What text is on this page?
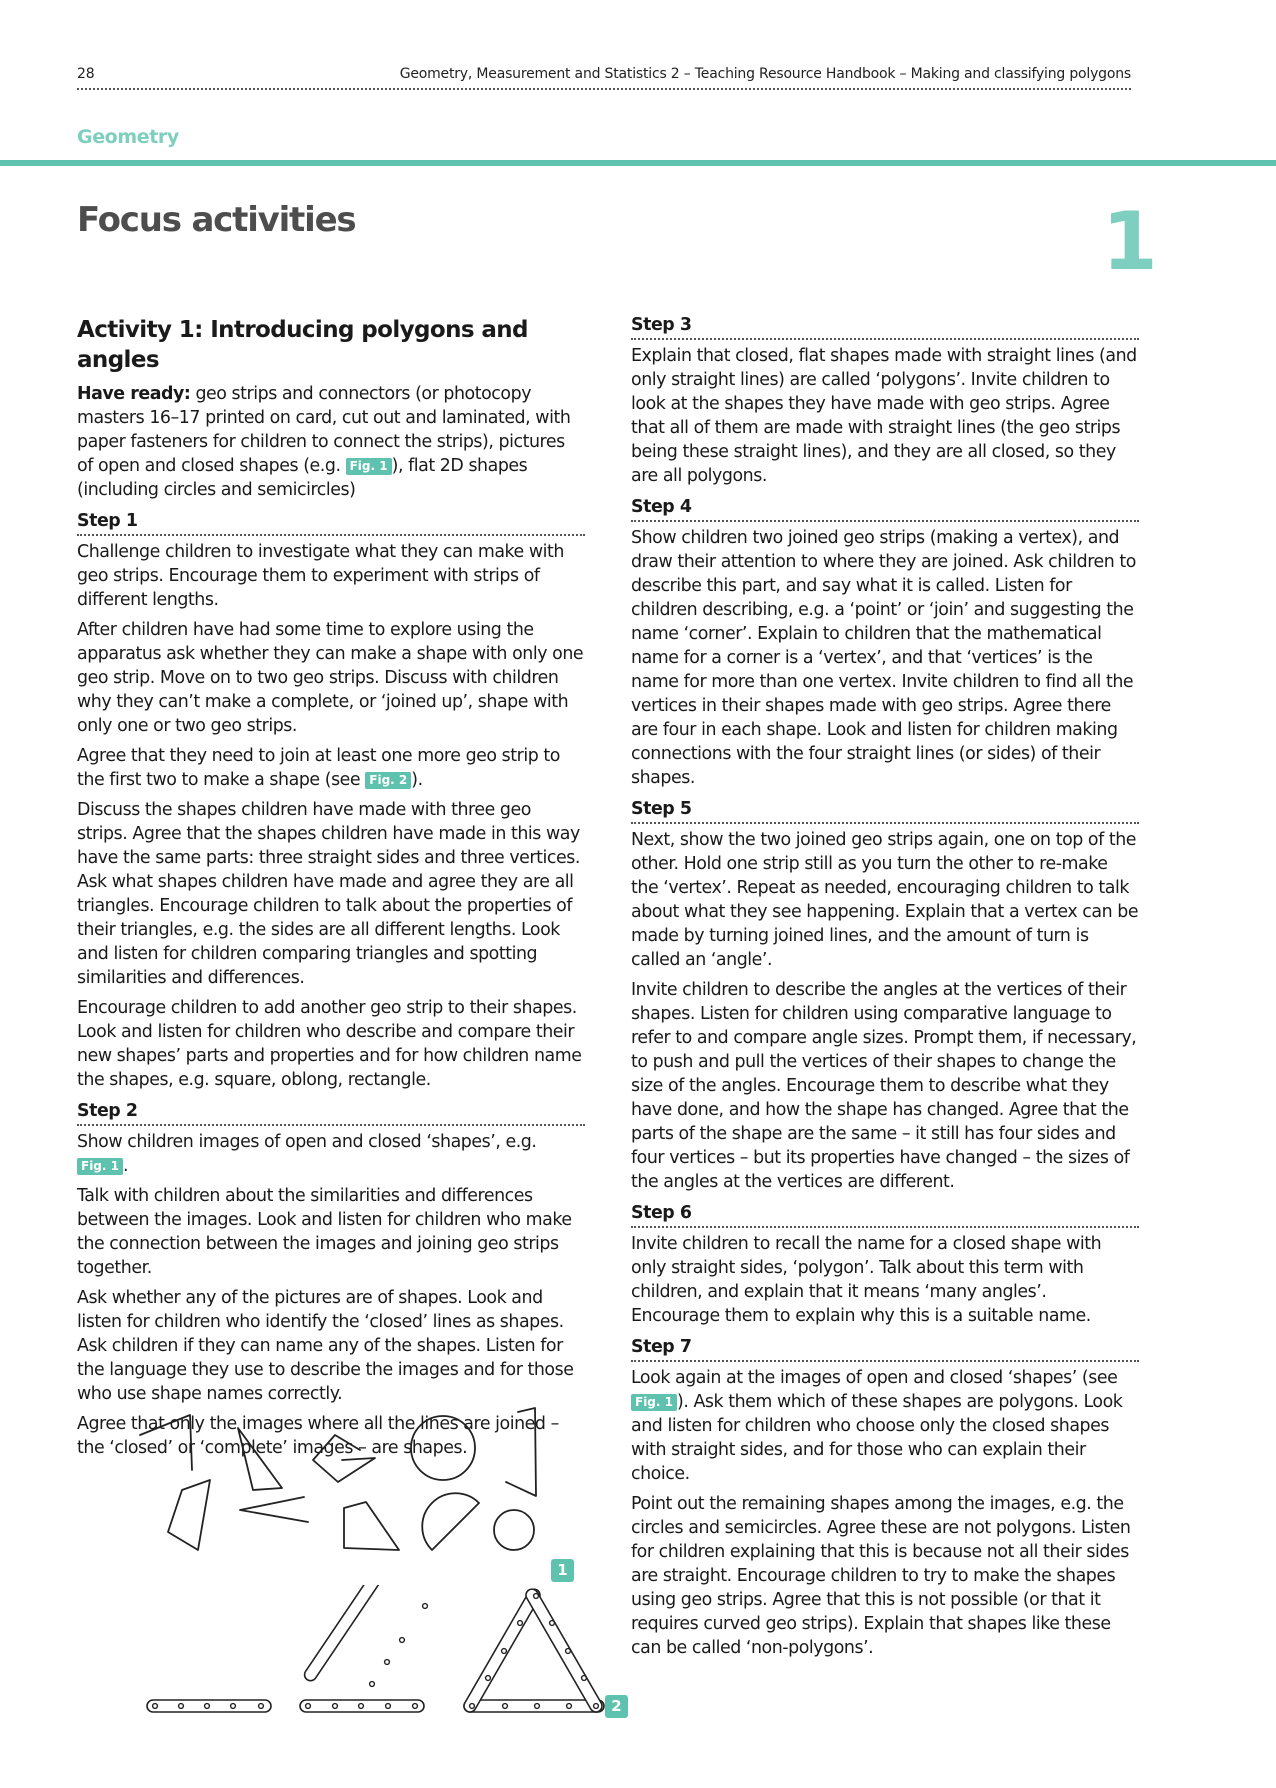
28	Geometry, Measurement and Statistics 2 – Teaching Resource Handbook – Making and classifying polygons
Geometry
Focus activities	1
Activity 1: Introducing polygons and angles

Have ready: geo strips and connectors (or photocopy masters 16–17 printed on card, cut out and laminated, with paper fasteners for children to connect the strips), pictures of open and closed shapes (e.g. Fig. 1 ), flat 2D shapes (including circles and semicircles)

Step 1

Challenge children to investigate what they can make with geo strips. Encourage them to experiment with strips of different lengths.

After children have had some time to explore using the apparatus ask whether they can make a shape with only one geo strip. Move on to two geo strips. Discuss with children why they can’t make a complete, or ‘joined up’, shape with only one or two geo strips.

Agree that they need to join at least one more geo strip to the first two to make a shape (see Fig. 2 ).

Discuss the shapes children have made with three geo strips. Agree that the shapes children have made in this way have the same parts: three straight sides and three vertices. Ask what shapes children have made and agree they are all triangles. Encourage children to talk about the properties of their triangles, e.g. the sides are all different lengths. Look and listen for children comparing triangles and spotting similarities and differences.

Encourage children to add another geo strip to their shapes. Look and listen for children who describe and compare their new shapes’ parts and properties and for how children name the shapes, e.g. square, oblong, rectangle.

Step 2

Show children images of open and closed ‘shapes’, e.g. Fig. 1 .

Talk with children about the similarities and differences between the images. Look and listen for children who make the connection between the images and joining geo strips together.

Ask whether any of the pictures are of shapes. Look and listen for children who identify the ‘closed’ lines as shapes. Ask children if they can name any of the shapes. Listen for the language they use to describe the images and for those who use shape names correctly.

Agree that only the images where all the lines are joined – the ‘closed’ or ‘complete’ images – are shapes.

1
2
Step 3

Explain that closed, flat shapes made with straight lines (and only straight lines) are called ‘polygons’. Invite children to look at the shapes they have made with geo strips. Agree that all of them are made with straight lines (the geo strips being these straight lines), and they are all closed, so they are all polygons.

Step 4

Show children two joined geo strips (making a vertex), and draw their attention to where they are joined. Ask children to describe this part, and say what it is called. Listen for children describing, e.g. a ‘point’ or ‘join’ and suggesting the name ‘corner’. Explain to children that the mathematical name for a corner is a ‘vertex’, and that ‘vertices’ is the name for more than one vertex. Invite children to find all the vertices in their shapes made with geo strips. Agree there are four in each shape. Look and listen for children making connections with the four straight lines (or sides) of their shapes.

Step 5

Next, show the two joined geo strips again, one on top of the other. Hold one strip still as you turn the other to re-make the ‘vertex’. Repeat as needed, encouraging children to talk about what they see happening. Explain that a vertex can be made by turning joined lines, and the amount of turn is called an ‘angle’.

Invite children to describe the angles at the vertices of their shapes. Listen for children using comparative language to refer to and compare angle sizes. Prompt them, if necessary, to push and pull the vertices of their shapes to change the size of the angles. Encourage them to describe what they have done, and how the shape has changed. Agree that the parts of the shape are the same – it still has four sides and four vertices – but its properties have changed – the sizes of the angles at the vertices are different.

Step 6

Invite children to recall the name for a closed shape with only straight sides, ‘polygon’. Talk about this term with children, and explain that it means ‘many angles’. Encourage them to explain why this is a suitable name.

Step 7

Look again at the images of open and closed ‘shapes’ (see Fig. 1 ). Ask them which of these shapes are polygons. Look and listen for children who choose only the closed shapes with straight sides, and for those who can explain their choice.

Point out the remaining shapes among the images, e.g. the circles and semicircles. Agree these are not polygons. Listen for children explaining that this is because not all their sides are straight. Encourage children to try to make the shapes using geo strips. Agree that this is not possible (or that it requires curved geo strips). Explain that shapes like these can be called ‘non-polygons’.
